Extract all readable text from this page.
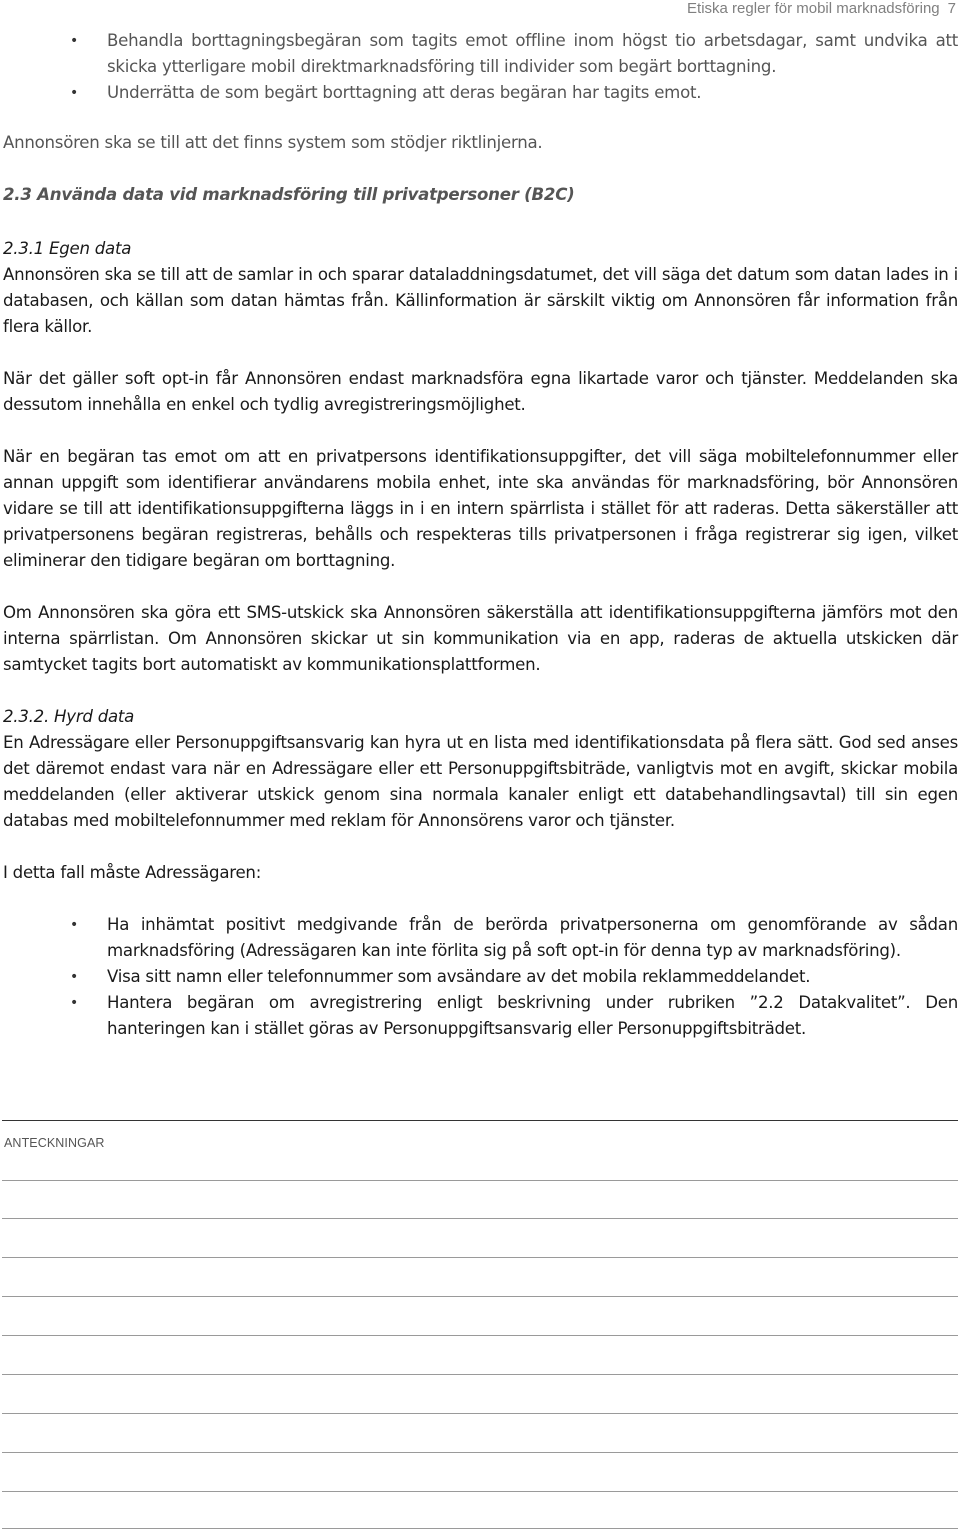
Etiska regler för mobil marknadsföring 7
• Behandla borttagningsbegäran som tagits emot offline inom högst tio arbetsdagar, samt undvika att skicka ytterligare mobil direktmarknadsföring till individer som begärt borttagning.
• Underrätta de som begärt borttagning att deras begäran har tagits emot.

Annonsören ska se till att det finns system som stödjer riktlinjerna.

2.3 Använda data vid marknadsföring till privatpersoner (B2C)

2.3.1 Egen data

Annonsören ska se till att de samlar in och sparar dataladdningsdatumet, det vill säga det datum som datan lades in i databasen, och källan som datan hämtas från. Källinformation är särskilt viktig om Annonsören får information från flera källor.

När det gäller soft opt-in får Annonsören endast marknadsföra egna likartade varor och tjänster. Meddelanden ska dessutom innehålla en enkel och tydlig avregistreringsmöjlighet.

När en begäran tas emot om att en privatpersons identifikationsuppgifter, det vill säga mobiltelefonnummer eller annan uppgift som identifierar användarens mobila enhet, inte ska användas för marknadsföring, bör Annonsören vidare se till att identifikationsuppgifterna läggs in i en intern spärrlista i stället för att raderas. Detta säkerställer att privatpersonens begäran registreras, behålls och respekteras tills privatpersonen i fråga registrerar sig igen, vilket eliminerar den tidigare begäran om borttagning.

Om Annonsören ska göra ett SMS-utskick ska Annonsören säkerställa att identifikationsuppgifterna jämförs mot den interna spärrlistan. Om Annonsören skickar ut sin kommunikation via en app, raderas de aktuella utskicken där samtycket tagits bort automatiskt av kommunikationsplattformen.

2.3.2. Hyrd data

En Adressägare eller Personuppgiftsansvarig kan hyra ut en lista med identifikationsdata på flera sätt. God sed anses det däremot endast vara när en Adressägare eller ett Personuppgiftsbiträde, vanligtvis mot en avgift, skickar mobila meddelanden (eller aktiverar utskick genom sina normala kanaler enligt ett databehandlingsavtal) till sin egen databas med mobiltelefonnummer med reklam för Annonsörens varor och tjänster.

I detta fall måste Adressägaren:

• Ha inhämtat positivt medgivande från de berörda privatpersonerna om genomförande av sådan marknadsföring (Adressägaren kan inte förlita sig på soft opt-in för denna typ av marknadsföring).
• Visa sitt namn eller telefonnummer som avsändare av det mobila reklammeddelandet.
• Hantera begäran om avregistrering enligt beskrivning under rubriken ”2.2 Datakvalitet”. Den hanteringen kan i stället göras av Personuppgiftsansvarig eller Personuppgiftsbiträdet.
ANTECKNINGAR
